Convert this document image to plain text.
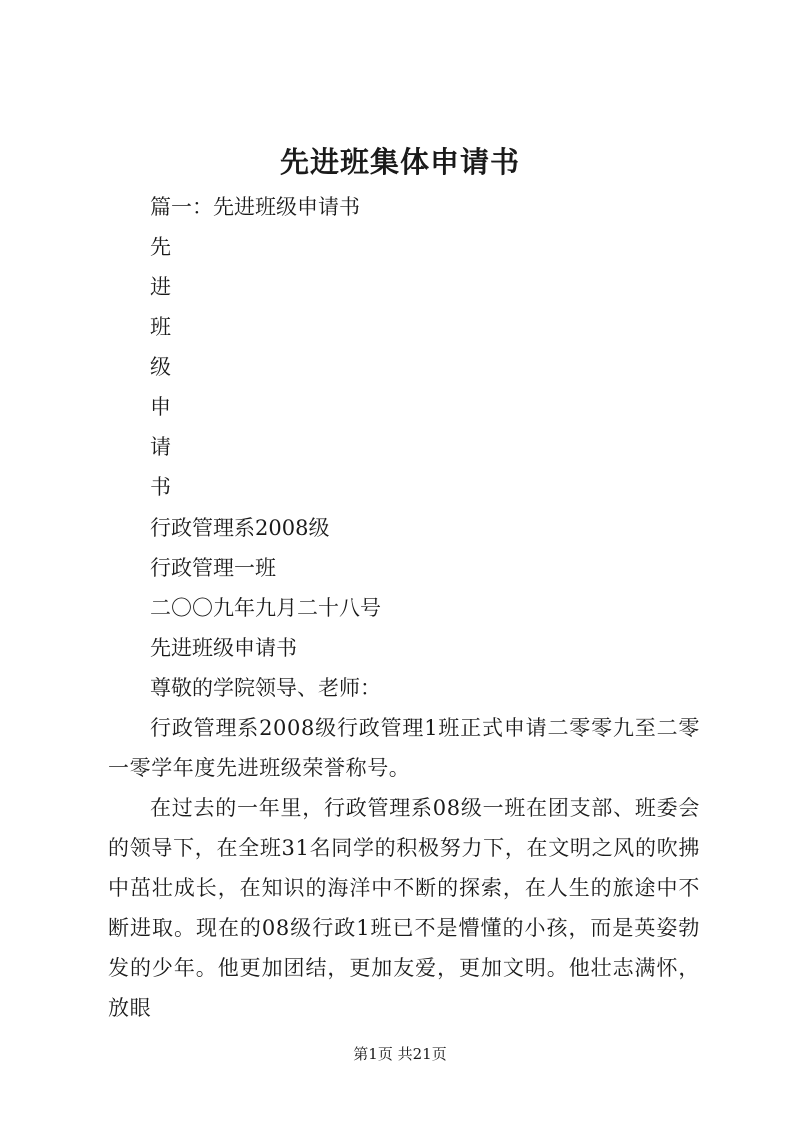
先进班集体申请书
篇一：先进班级申请书
先
进
班
级
申
请
书
行政管理系2008级
行政管理一班
二〇〇九年九月二十八号
先进班级申请书
尊敬的学院领导、老师：
行政管理系2008级行政管理1班正式申请二零零九至二零一零学年度先进班级荣誉称号。
在过去的一年里，行政管理系08级一班在团支部、班委会的领导下，在全班31名同学的积极努力下，在文明之风的吹拂中茁壮成长，在知识的海洋中不断的探索，在人生的旅途中不断进取。现在的08级行政1班已不是懵懂的小孩，而是英姿勃发的少年。他更加团结，更加友爱，更加文明。他壮志满怀，放眼
第1页 共21页
